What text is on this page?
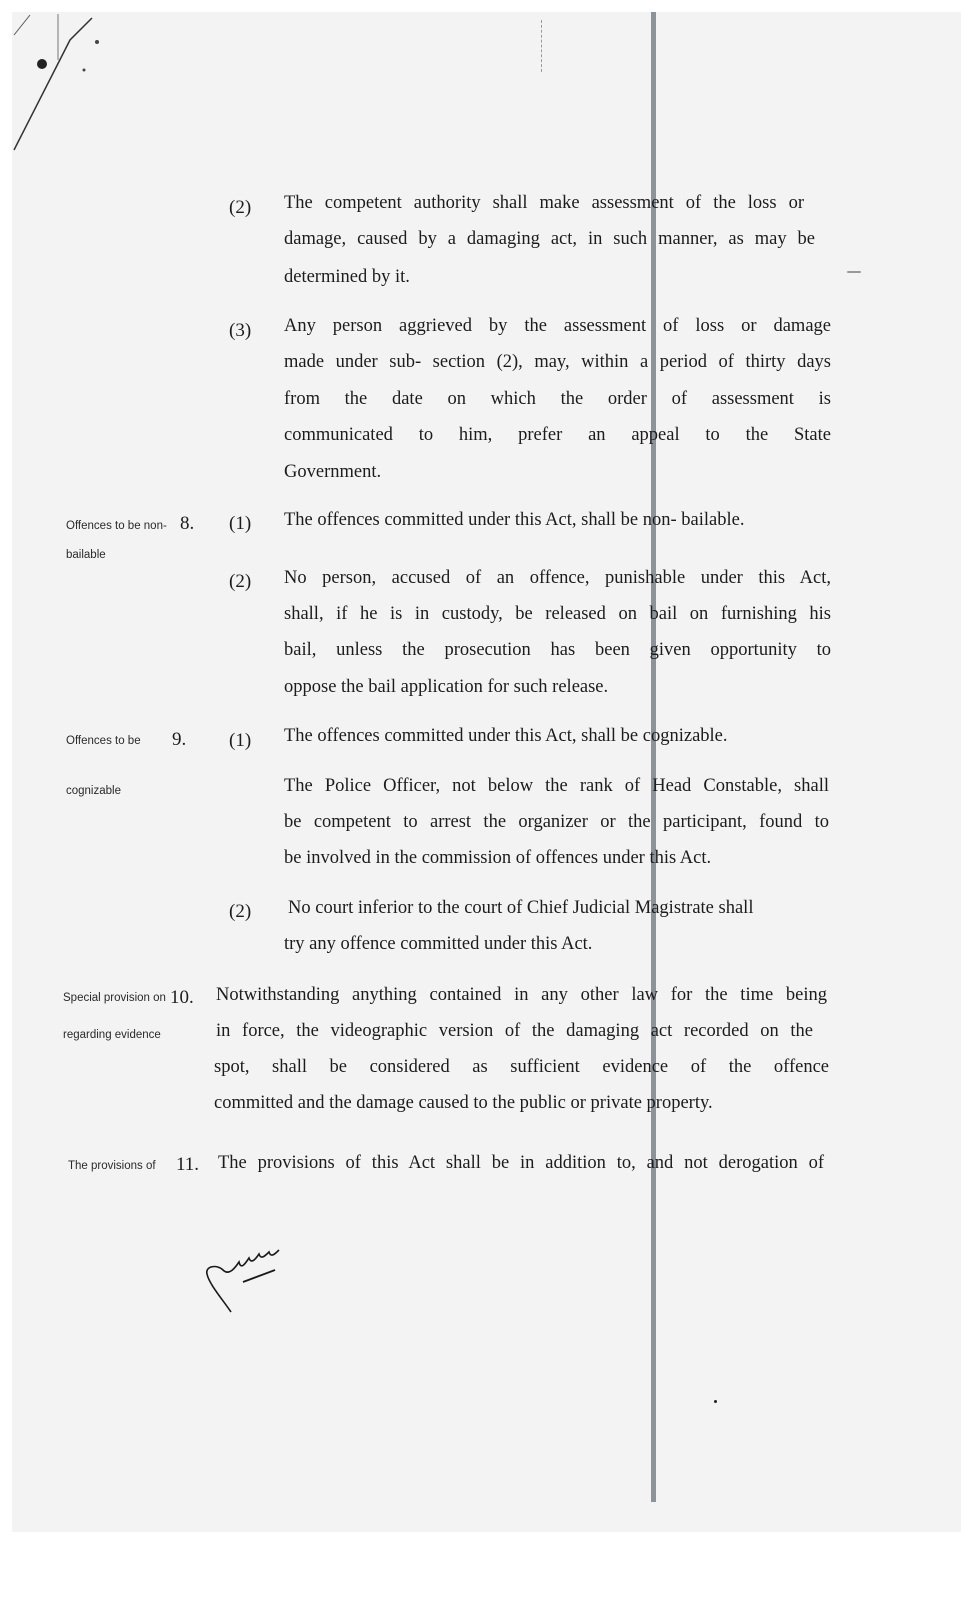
(2) The competent authority shall make assessment of the loss or
damage, caused by a damaging act, in such manner, as may be
determined by it.
(3) Any person aggrieved by the assessment of loss or damage
made under sub- section (2), may, within a period of thirty days
from the date on which the order of assessment is
communicated to him, prefer an appeal to the State
Government.
Offences to be non-
bailable
8. (1) The offences committed under this Act, shall be non- bailable.
(2) No person, accused of an offence, punishable under this Act,
shall, if he is in custody, be released on bail on furnishing his
bail, unless the prosecution has been given opportunity to
oppose the bail application for such release.
Offences to be
cognizable
9. (1) The offences committed under this Act, shall be cognizable.
The Police Officer, not below the rank of Head Constable, shall
be competent to arrest the organizer or the participant, found to
be involved in the commission of offences under this Act.
(2) No court inferior to the court of Chief Judicial Magistrate shall
try any offence committed under this Act.
Special provision on
regarding evidence
10. Notwithstanding anything contained in any other law for the time being
in force, the videographic version of the damaging act recorded on the
spot, shall be considered as sufficient evidence of the offence
committed and the damage caused to the public or private property.
The provisions of 11. The provisions of this Act shall be in addition to, and not derogation of
